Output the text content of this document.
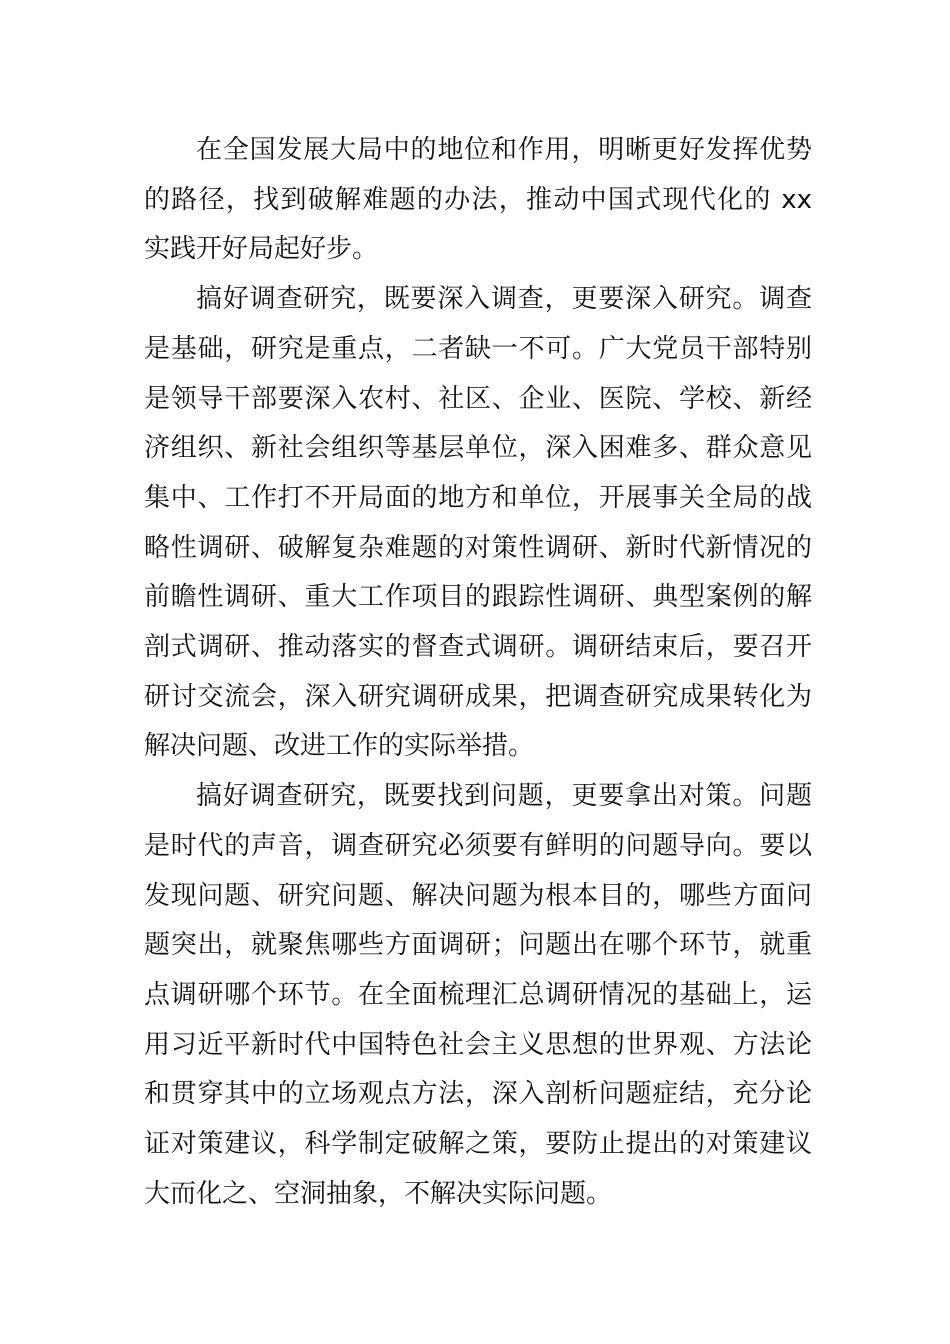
在全国发展大局中的地位和作用，明晰更好发挥优势的路径，找到破解难题的办法，推动中国式现代化的 xx 实践开好局起好步。

搞好调查研究，既要深入调查，更要深入研究。调查是基础，研究是重点，二者缺一不可。广大党员干部特别是领导干部要深入农村、社区、企业、医院、学校、新经济组织、新社会组织等基层单位，深入困难多、群众意见集中、工作打不开局面的地方和单位，开展事关全局的战略性调研、破解复杂难题的对策性调研、新时代新情况的前瞻性调研、重大工作项目的跟踪性调研、典型案例的解剖式调研、推动落实的督查式调研。调研结束后，要召开研讨交流会，深入研究调研成果，把调查研究成果转化为解决问题、改进工作的实际举措。

搞好调查研究，既要找到问题，更要拿出对策。问题是时代的声音，调查研究必须要有鲜明的问题导向。要以发现问题、研究问题、解决问题为根本目的，哪些方面问题突出，就聚焦哪些方面调研；问题出在哪个环节，就重点调研哪个环节。在全面梳理汇总调研情况的基础上，运用习近平新时代中国特色社会主义思想的世界观、方法论和贯穿其中的立场观点方法，深入剖析问题症结，充分论证对策建议，科学制定破解之策，要防止提出的对策建议大而化之、空洞抽象，不解决实际问题。
